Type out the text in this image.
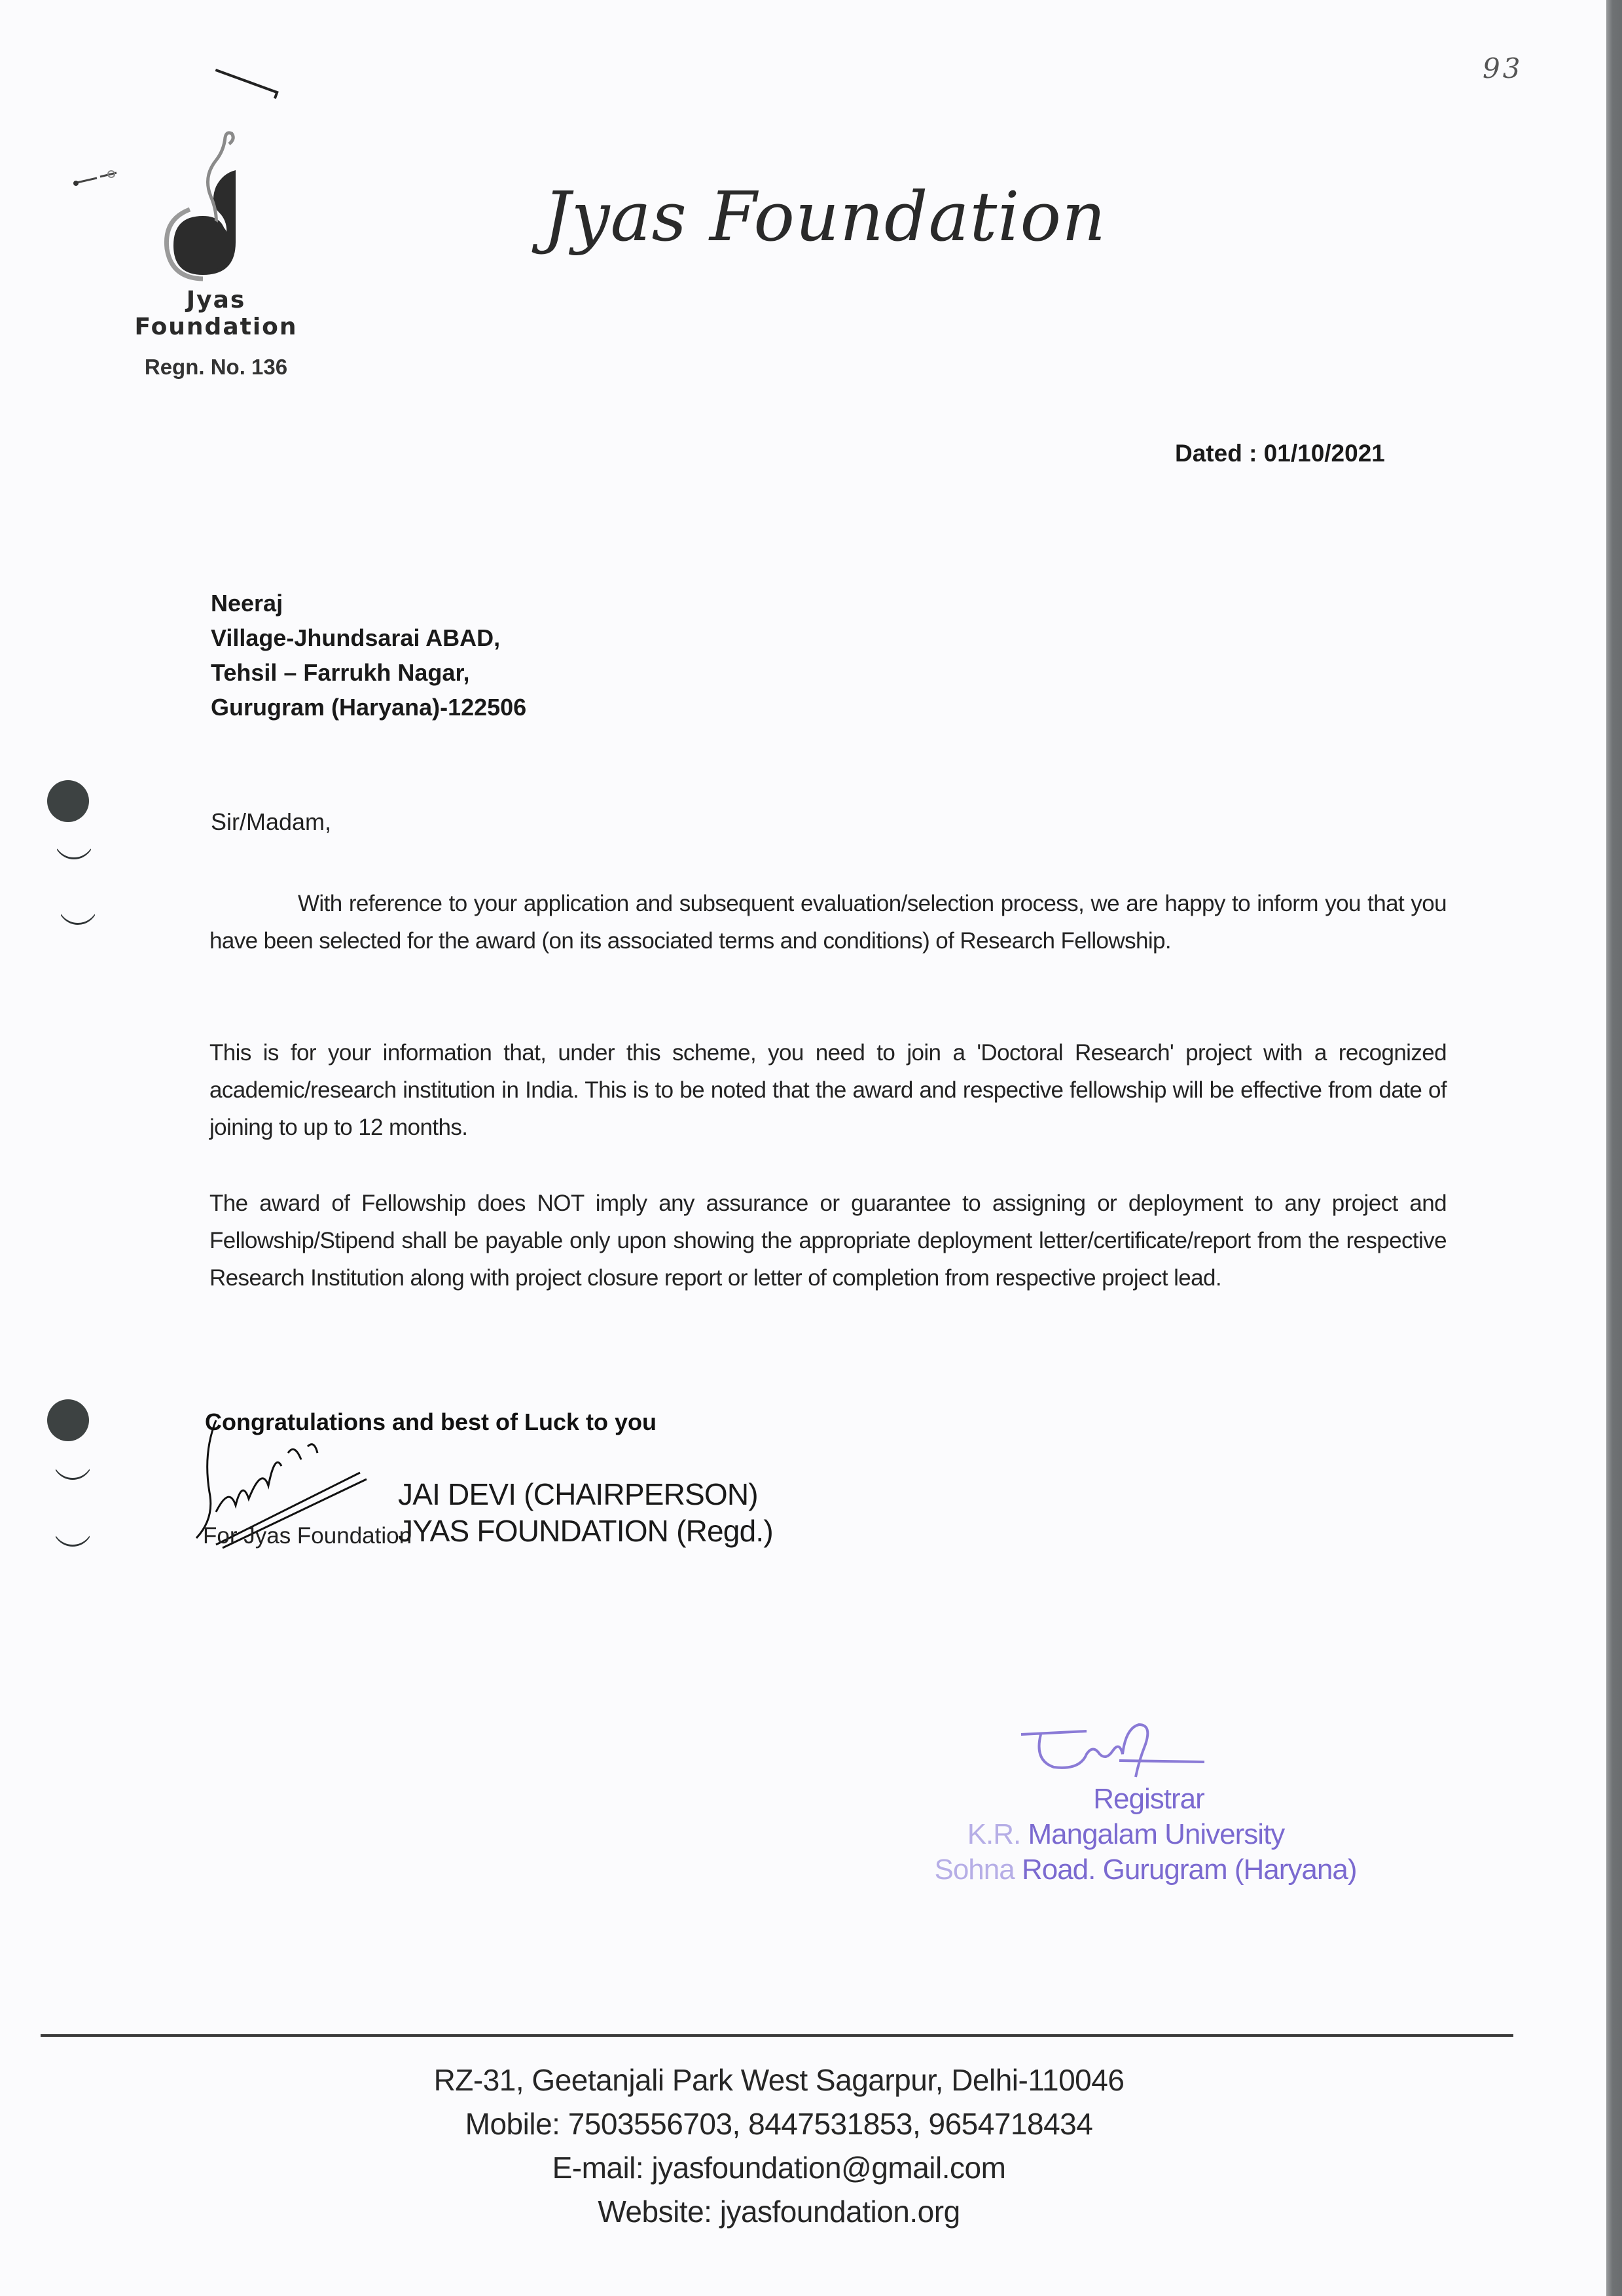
93
Jyas Foundation
Regn. No. 136
Jyas Foundation
Dated : 01/10/2021
Neeraj
Village-Jhundsarai ABAD,
Tehsil – Farrukh Nagar,
Gurugram (Haryana)-122506
Sir/Madam,
With reference to your application and subsequent evaluation/selection process, we are happy to inform you that you have been selected for the award (on its associated terms and conditions) of Research Fellowship.
This is for your information that, under this scheme, you need to join a 'Doctoral Research' project with a recognized academic/research institution in India. This is to be noted that the award and respective fellowship will be effective from date of joining to up to 12 months.
The award of Fellowship does NOT imply any assurance or guarantee to assigning or deployment to any project and Fellowship/Stipend shall be payable only upon showing the appropriate deployment letter/certificate/report from the respective Research Institution along with project closure report or letter of completion from respective project lead.
Congratulations and best of Luck to you
For Jyas Foundation
JAI DEVI (CHAIRPERSON)
JYAS FOUNDATION (Regd.)
Registrar
K.R. Mangalam University
Sohna Road. Gurugram (Haryana)
RZ-31, Geetanjali Park West Sagarpur, Delhi-110046
Mobile: 7503556703, 8447531853, 9654718434
E-mail: jyasfoundation@gmail.com
Website: jyasfoundation.org
